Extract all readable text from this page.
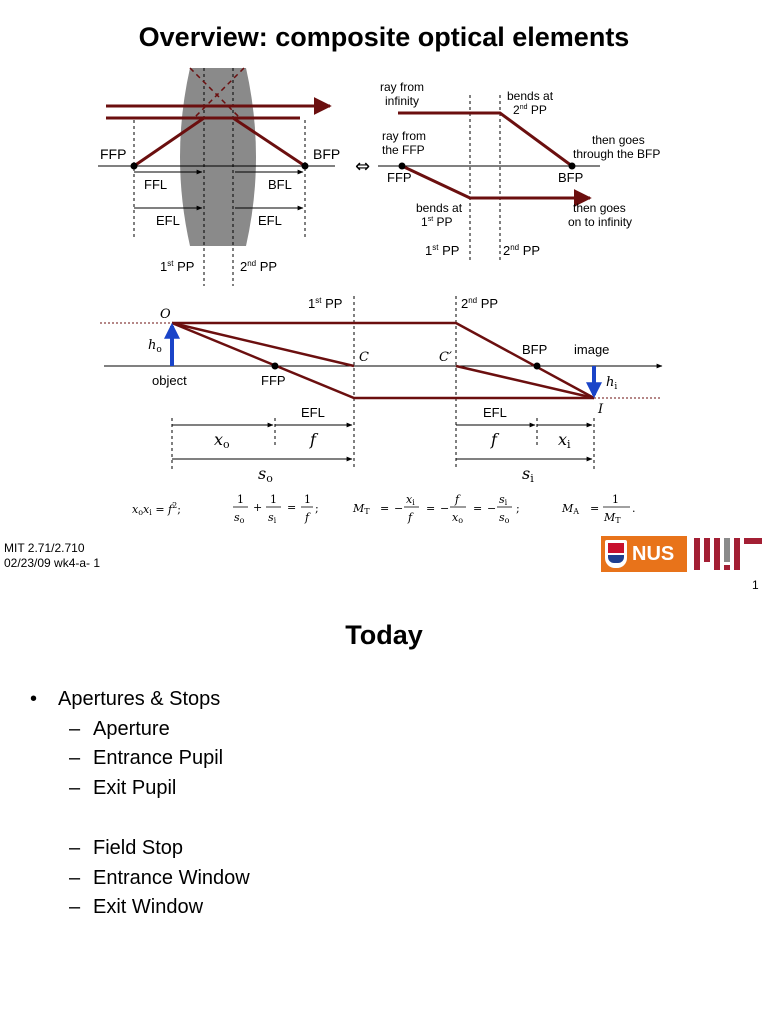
Overview: composite optical elements
FFP	BFP
FFL	BFL
EFL	EFL
1st PP	2nd PP
⇔
ray from
infinity	bends at
2nd PP
ray from
the FFP
then goes
through the BFP
FFP	BFP
bends at
1st PP
then goes
on to infinity
1st PP	2nd PP
1st PP	2nd PP
O
$h_o$
object	FFP
C	C′
BFP image
$h_i$
I
EFL	EFL
xo	f	f	xi
so	si
xoxi = $f^2$;
1
so
+
1
si
=
1
f
;	MT = −
xi
f
= −
f
xo
= −
si
so
;	MA =
1
MT
.
MIT 2.71/2.710
02/23/09 wk4-a- 1	NUS
1
Today
• Apertures & Stops
– Aperture
– Entrance Pupil
– Exit Pupil
– Field Stop
– Entrance Window
– Exit Window
